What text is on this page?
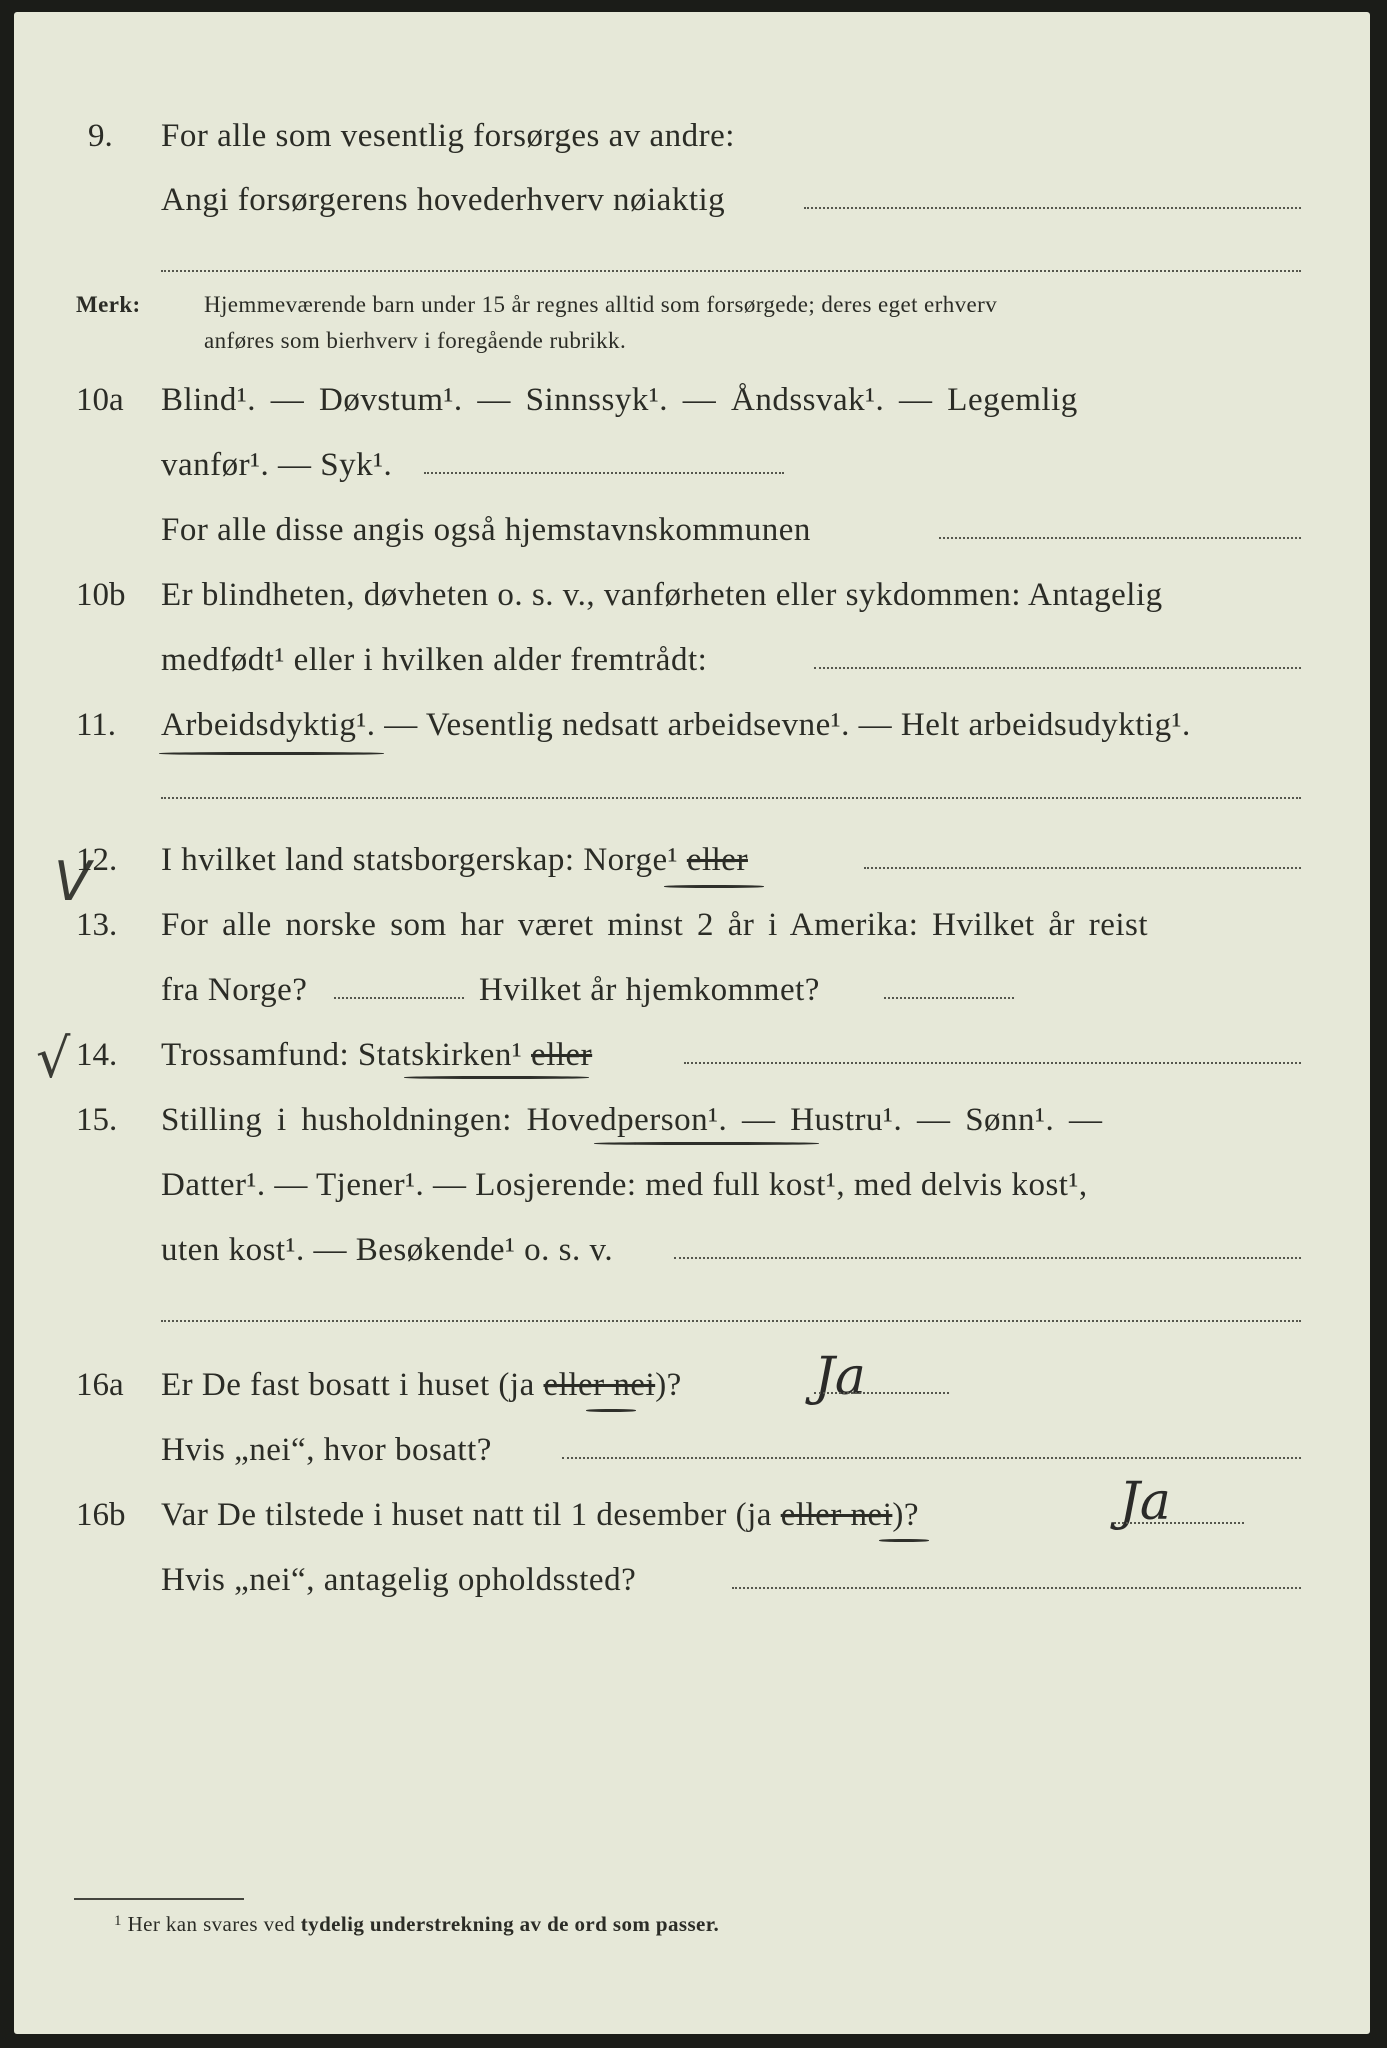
9. For alle som vesentlig forsørges av andre:
Angi forsørgerens hovederhverv nøiaktig
Merk:	Hjemmeværende barn under 15 år regnes alltid som forsørgede; deres eget erhverv
anføres som bierhverv i foregående rubrikk.
10a Blind¹. — Døvstum¹. — Sinnssyk¹. — Åndssvak¹. — Legemlig
vanfør¹. — Syk¹.
For alle disse angis også hjemstavnskommunen
10b Er blindheten, døvheten o. s. v., vanførheten eller sykdommen: Antagelig
medfødt¹ eller i hvilken alder fremtrådt:
11. Arbeidsdyktig¹. — Vesentlig nedsatt arbeidsevne¹. — Helt arbeidsudyktig¹.
V
12. I hvilket land statsborgerskap: Norge¹ eller
13. For alle norske som har været minst 2 år i Amerika: Hvilket år reist
fra Norge?	Hvilket år hjemkommet?
√ 14. Trossamfund: Statskirken¹ eller
15. Stilling i husholdningen: Hovedperson¹. — Hustru¹. — Sønn¹. —
Datter¹. — Tjener¹. — Losjerende: med full kost¹, med delvis kost¹,
uten kost¹. — Besøkende¹ o. s. v.
16a Er De fast bosatt i huset (ja eller nei)?	Ja
Hvis „nei“, hvor bosatt?
16b Var De tilstede i huset natt til 1 desember (ja eller nei)?	Ja
Hvis „nei“, antagelig opholdssted?
$^1$ Her kan svares ved tydelig understrekning av de ord som passer.
